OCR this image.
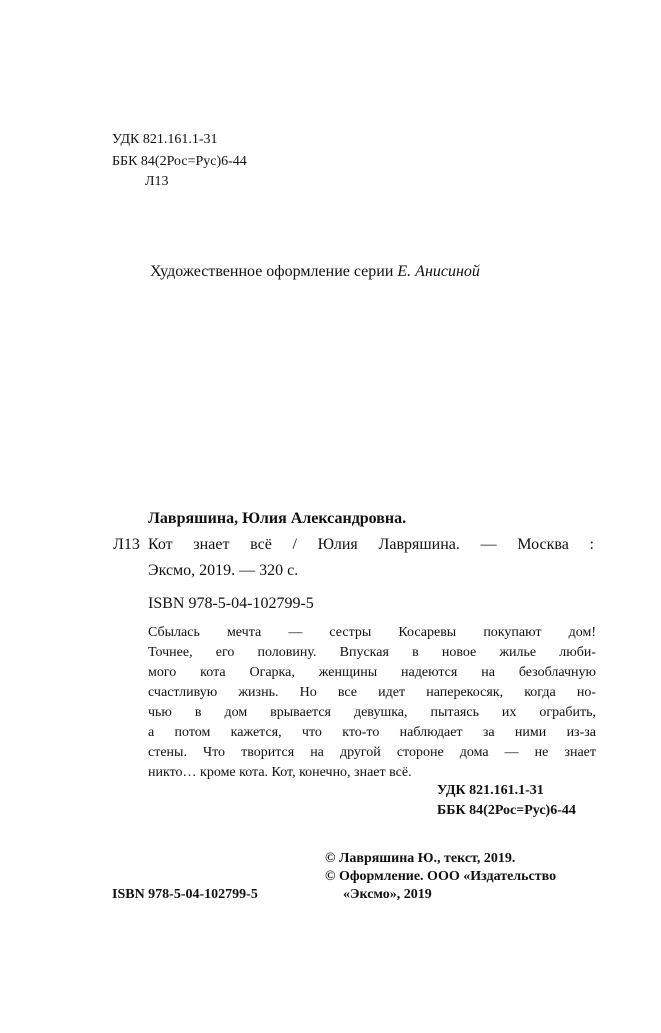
УДК 821.161.1-31
ББК 84(2Рос=Рус)6-44
Л13
Художественное оформление серии Е. Анисиной
Лавряшина, Юлия Александровна.
Л13 Кот знает всё / Юлия Лавряшина. — Москва :
Эксмо, 2019. — 320 с.
ISBN 978-5-04-102799-5
Сбылась мечта — сестры Косаревы покупают дом!
Точнее, его половину. Впуская в новое жилье люби-
мого кота Огарка, женщины надеются на безоблачную
счастливую жизнь. Но все идет наперекосяк, когда но-
чью в дом врывается девушка, пытаясь их ограбить,
а потом кажется, что кто-то наблюдает за ними из-за
стены. Что творится на другой стороне дома — не знает
никто… кроме кота. Кот, конечно, знает всё.
УДК 821.161.1-31
ББК 84(2Рос=Рус)6-44
© Лавряшина Ю., текст, 2019.
© Оформление. ООО «Издательство
«Эксмо», 2019
ISBN 978-5-04-102799-5
